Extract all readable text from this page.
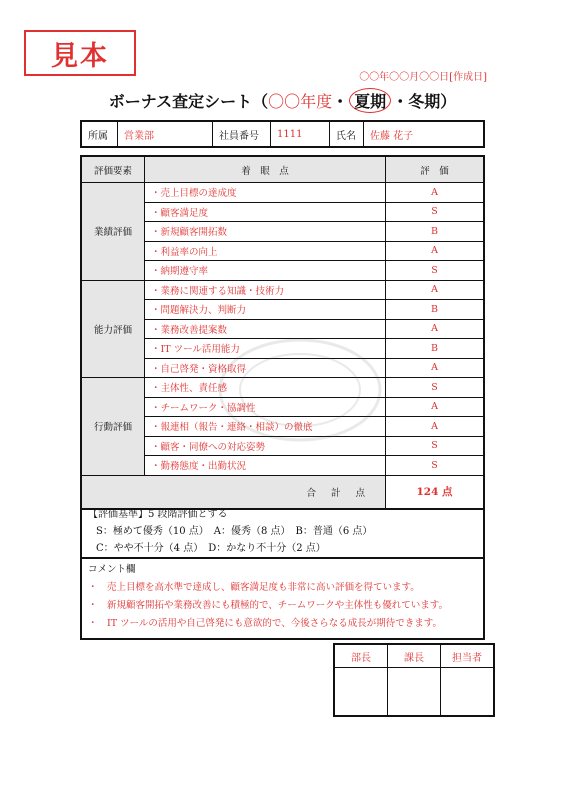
見本
〇〇年〇〇月〇〇日[作成日]
ボーナス査定シート（〇〇年度・ 夏期 ・冬期）
所属	営業部	社員番号	1111	氏名	佐藤 花子
評価要素	着　眼　点	評　価
業績評価	・売上目標の達成度	A
	・顧客満足度	S
	・新規顧客開拓数	B
	・利益率の向上	A
	・納期遵守率	S
能力評価	・業務に関連する知識・技術力	A
	・問題解決力、判断力	B
	・業務改善提案数	A
	・IT ツール活用能力	B
	・自己啓発・資格取得	A
行動評価	・主体性、責任感	S
	・チームワーク・協調性	A
	・報連相（報告・連絡・相談）の徹底	A
	・顧客・同僚への対応姿勢	S
	・勤務態度・出勤状況	S
合 計 点		124 点
【評価基準】5 段階評価とする
S：極めて優秀（10 点）　A：優秀（8 点）　B：普通（6 点）
C：やや不十分（4 点）　D：かなり不十分（2 点）
コメント欄
・　売上目標を高水準で達成し、顧客満足度も非常に高い評価を得ています。
・　新規顧客開拓や業務改善にも積極的で、チームワークや主体性も優れています。
・　IT ツールの活用や自己啓発にも意欲的で、今後さらなる成長が期待できます。
部長	課長	担当者
